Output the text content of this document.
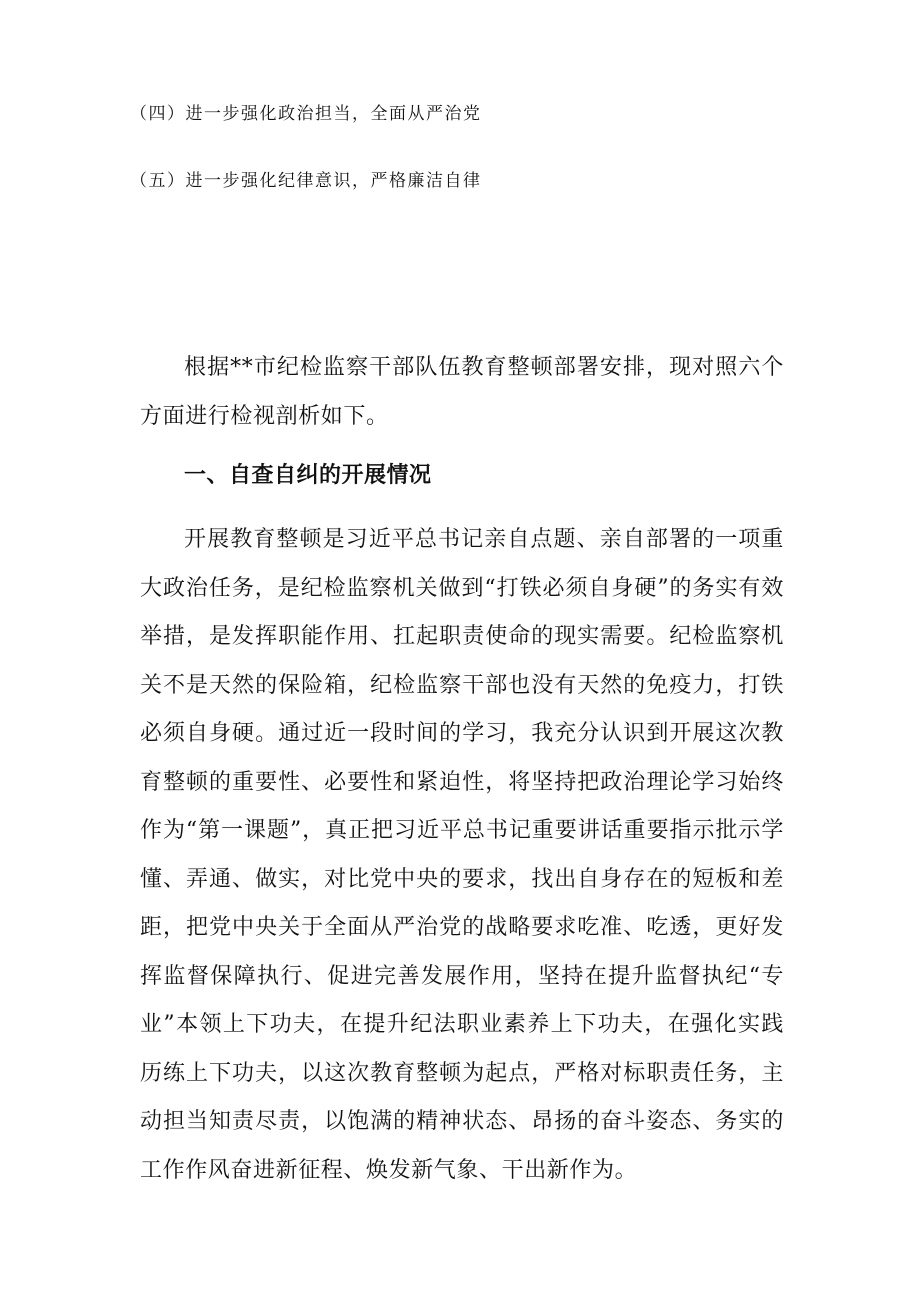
（四）进一步强化政治担当，全面从严治党
（五）进一步强化纪律意识，严格廉洁自律

根据**市纪检监察干部队伍教育整顿部署安排，现对照六个方面进行检视剖析如下。

一、自查自纠的开展情况

开展教育整顿是习近平总书记亲自点题、亲自部署的一项重大政治任务，是纪检监察机关做到“打铁必须自身硬”的务实有效举措，是发挥职能作用、扛起职责使命的现实需要。纪检监察机关不是天然的保险箱，纪检监察干部也没有天然的免疫力，打铁必须自身硬。通过近一段时间的学习，我充分认识到开展这次教育整顿的重要性、必要性和紧迫性，将坚持把政治理论学习始终作为“第一课题”，真正把习近平总书记重要讲话重要指示批示学懂、弄通、做实，对比党中央的要求，找出自身存在的短板和差距，把党中央关于全面从严治党的战略要求吃准、吃透，更好发挥监督保障执行、促进完善发展作用，坚持在提升监督执纪“专业”本领上下功夫，在提升纪法职业素养上下功夫，在强化实践历练上下功夫，以这次教育整顿为起点，严格对标职责任务，主动担当知责尽责，以饱满的精神状态、昂扬的奋斗姿态、务实的工作作风奋进新征程、焕发新气象、干出新作为。
